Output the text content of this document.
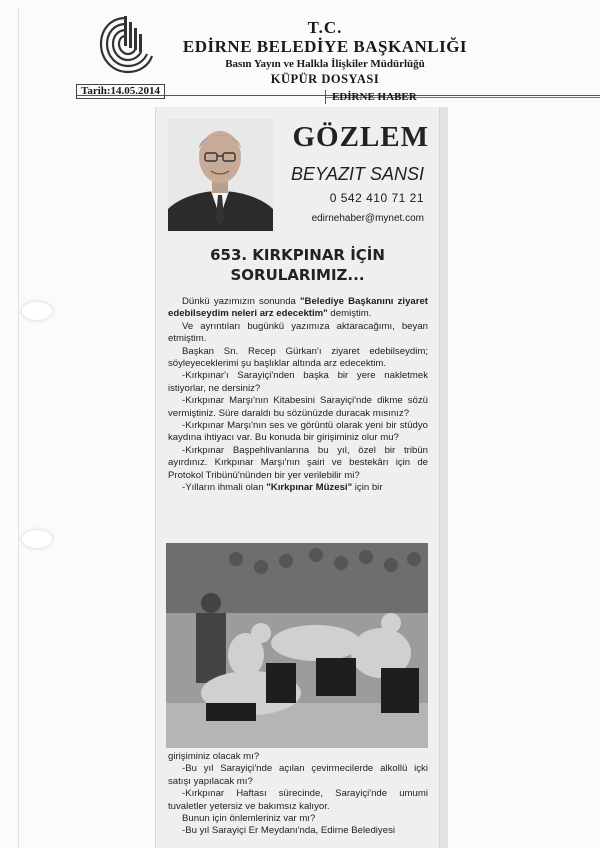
T.C.
EDİRNE BELEDİYE BAŞKANLIĞI
Basın Yayın ve Halkla İlişkiler Müdürlüğü
KÜPÜR DOSYASI
Tarih:14.05.2014	EDİRNE HABER
GÖZLEM
BEYAZIT SANSI
0 542 410 71 21
edirnehaber@mynet.com
653. KIRKPINAR İÇİN
SORULARIMIZ...

Dünkü yazımızın sonunda "Belediye Başkanını ziyaret edebilseydim neleri arz edecektim" demiştim.

Ve ayrıntıları bugünkü yazımıza aktaracağımı, beyan etmiştim.

Başkan Sn. Recep Gürkan'ı ziyaret edebilseydim; söyleyeceklerimi şu başlıklar altında arz edecektim.

-Kırkpınar'ı Sarayiçi'nden başka bir yere nakletmek istiyorlar, ne dersiniz?

-Kırkpınar Marşı'nın Kitabesini Sarayiçi'nde dikme sözü vermiştiniz. Süre daraldı bu sözünüzde duracak mısınız?

-Kırkpınar Marşı'nın ses ve görüntü olarak yeni bir stüdyo kaydına ihtiyacı var. Bu konuda bir girişiminiz olur mu?

-Kırkpınar Başpehlivanlarına bu yıl, özel bir tribün ayırdınız. Kırkpınar Marşı'nın şairi ve bestekârı için de Protokol Tribünü'nünden bir yer verilebilir mi?

-Yılların ihmali olan "Kırkpınar Müzesi" için bir

girişiminiz olacak mı?

-Bu yıl Sarayiçi'nde açılan çevirmecilerde alkollü içki satışı yapılacak mı?

-Kırkpınar Haftası sürecinde, Sarayiçi'nde umumi tuvaletler yetersiz ve bakımsız kalıyor.

Bunun için önlemleriniz var mı?

-Bu yıl Sarayiçi Er Meydanı'nda, Edirne Belediyesi
